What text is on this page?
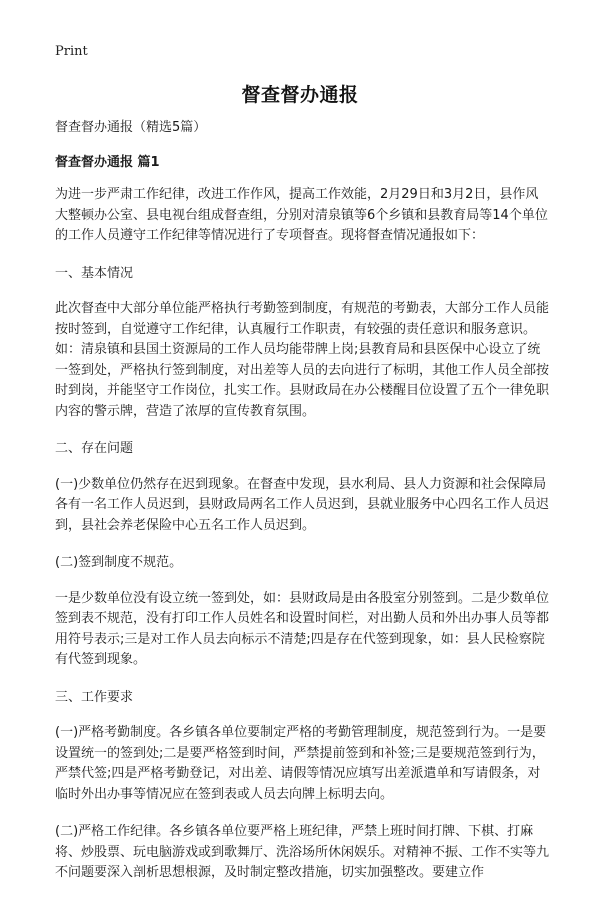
Print
督查督办通报

督查督办通报（精选5篇）

督查督办通报 篇1

为进一步严肃工作纪律，改进工作作风，提高工作效能，2月29日和3月2日，县作风大整顿办公室、县电视台组成督查组，分别对清泉镇等6个乡镇和县教育局等14个单位的工作人员遵守工作纪律等情况进行了专项督查。现将督查情况通报如下：

一、基本情况

此次督查中大部分单位能严格执行考勤签到制度，有规范的考勤表，大部分工作人员能按时签到，自觉遵守工作纪律，认真履行工作职责，有较强的责任意识和服务意识。如：清泉镇和县国土资源局的工作人员均能带牌上岗;县教育局和县医保中心设立了统一签到处，严格执行签到制度，对出差等人员的去向进行了标明，其他工作人员全部按时到岗，并能坚守工作岗位，扎实工作。县财政局在办公楼醒目位设置了五个一律免职内容的警示牌，营造了浓厚的宣传教育氛围。

二、存在问题

(一)少数单位仍然存在迟到现象。在督查中发现，县水利局、县人力资源和社会保障局各有一名工作人员迟到，县财政局两名工作人员迟到，县就业服务中心四名工作人员迟到，县社会养老保险中心五名工作人员迟到。

(二)签到制度不规范。

一是少数单位没有设立统一签到处，如：县财政局是由各股室分别签到。二是少数单位签到表不规范，没有打印工作人员姓名和设置时间栏，对出勤人员和外出办事人员等都用符号表示;三是对工作人员去向标示不清楚;四是存在代签到现象，如：县人民检察院有代签到现象。

三、工作要求

(一)严格考勤制度。各乡镇各单位要制定严格的考勤管理制度，规范签到行为。一是要设置统一的签到处;二是要严格签到时间，严禁提前签到和补签;三是要规范签到行为，严禁代签;四是严格考勤登记，对出差、请假等情况应填写出差派遣单和写请假条，对临时外出办事等情况应在签到表或人员去向牌上标明去向。

(二)严格工作纪律。各乡镇各单位要严格上班纪律，严禁上班时间打牌、下棋、打麻将、炒股票、玩电脑游戏或到歌舞厅、洗浴场所休闲娱乐。对精神不振、工作不实等九不问题要深入剖析思想根源，及时制定整改措施，切实加强整改。要建立作
